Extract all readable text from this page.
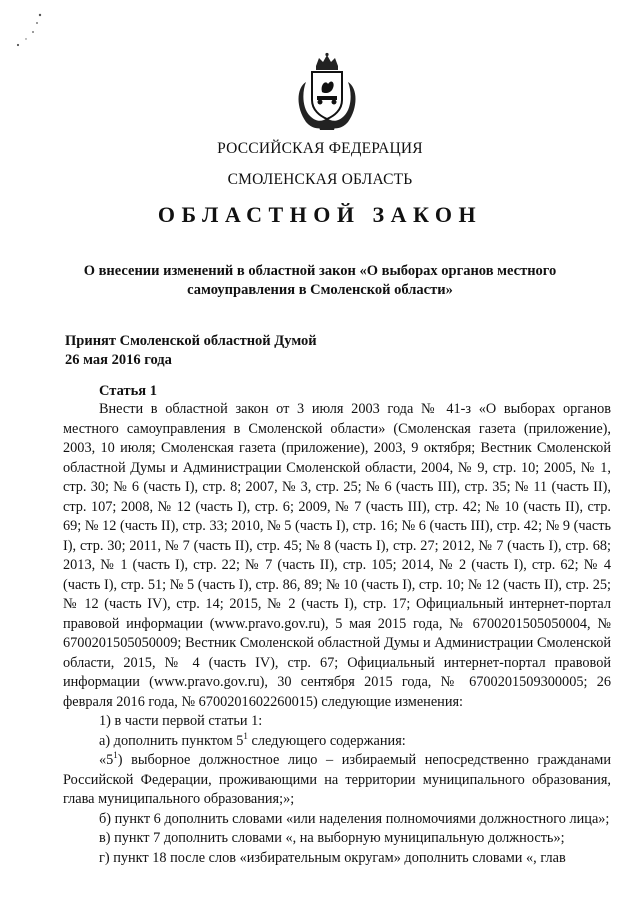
РОССИЙСКАЯ ФЕДЕРАЦИЯ
СМОЛЕНСКАЯ ОБЛАСТЬ
ОБЛАСТНОЙ ЗАКОН
О внесении изменений в областной закон «О выборах органов местного
самоуправления в Смоленской области»
Принят Смоленской областной Думой
26 мая 2016 года
Статья 1

Внести в областной закон от 3 июля 2003 года № 41-з «О выборах органов местного самоуправления в Смоленской области» (Смоленская газета (приложение), 2003, 10 июля; Смоленская газета (приложение), 2003, 9 октября; Вестник Смоленской областной Думы и Администрации Смоленской области, 2004, № 9, стр. 10; 2005, № 1, стр. 30; № 6 (часть I), стр. 8; 2007, № 3, стр. 25; № 6 (часть III), стр. 35; № 11 (часть II), стр. 107; 2008, № 12 (часть I), стр. 6; 2009, № 7 (часть III), стр. 42; № 10 (часть II), стр. 69; № 12 (часть II), стр. 33; 2010, № 5 (часть I), стр. 16; № 6 (часть III), стр. 42; № 9 (часть I), стр. 30; 2011, № 7 (часть II), стр. 45; № 8 (часть I), стр. 27; 2012, № 7 (часть I), стр. 68; 2013, № 1 (часть I), стр. 22; № 7 (часть II), стр. 105; 2014, № 2 (часть I), стр. 62; № 4 (часть I), стр. 51; № 5 (часть I), стр. 86, 89; № 10 (часть I), стр. 10; № 12 (часть II), стр. 25; № 12 (часть IV), стр. 14; 2015, № 2 (часть I), стр. 17; Официальный интернет-портал правовой информации (www.pravo.gov.ru), 5 мая 2015 года, № 6700201505050004, № 6700201505050009; Вестник Смоленской областной Думы и Администрации Смоленской области, 2015, № 4 (часть IV), стр. 67; Официальный интернет-портал правовой информации (www.pravo.gov.ru), 30 сентября 2015 года, № 6700201509300005; 26 февраля 2016 года, № 6700201602260015) следующие изменения:

1) в части первой статьи 1:

а) дополнить пунктом $5^1$ следующего содержания:

«$5^1$) выборное должностное лицо – избираемый непосредственно гражданами Российской Федерации, проживающими на территории муниципального образования, глава муниципального образования;»;

б) пункт 6 дополнить словами «или наделения полномочиями должностного лица»;

в) пункт 7 дополнить словами «, на выборную муниципальную должность»;

г) пункт 18 после слов «избирательным округам» дополнить словами «, глав
